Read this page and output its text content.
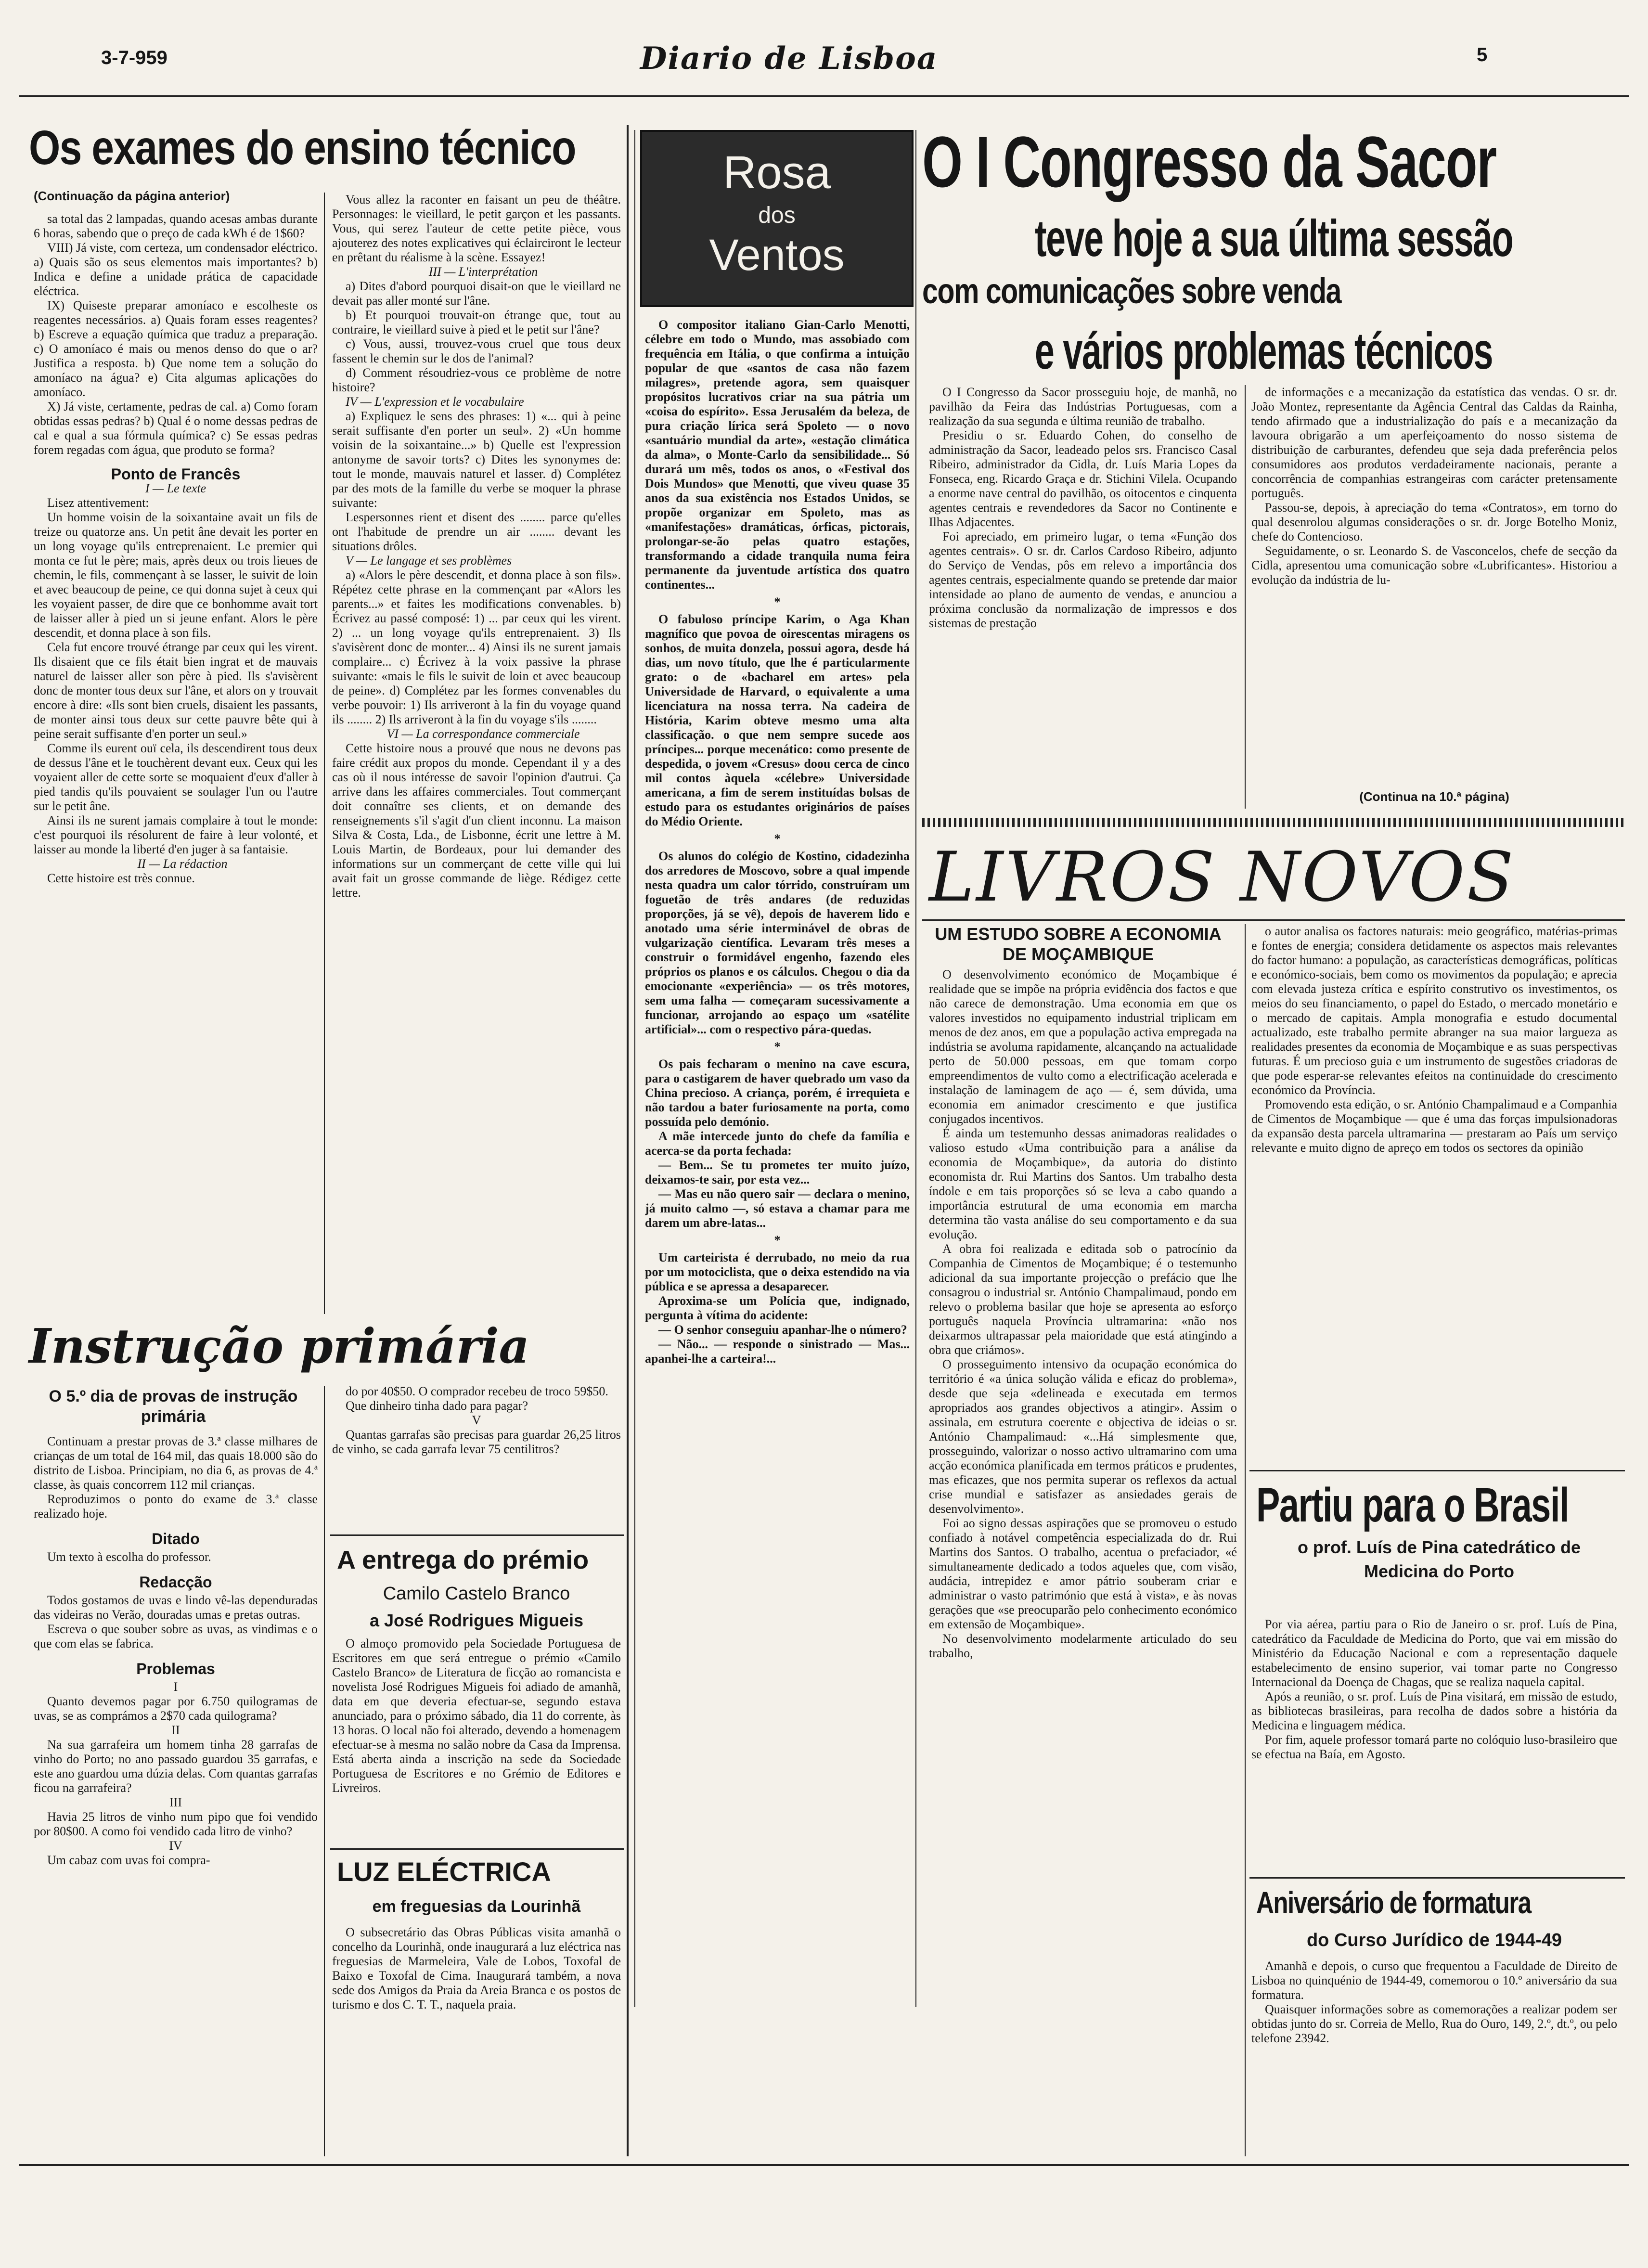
3-7-959	Diario de Lisboa	5
Os exames do ensino técnico
(Continuação da página anterior)

sa total das 2 lampadas, quando acesas ambas durante 6 horas, sabendo que o preço de cada kWh é de 1$60?

VIII) Já viste, com certeza, um condensador eléctrico. a) Quais são os seus elementos mais importantes? b) Indica e define a unidade prática de capacidade eléctrica.

IX) Quiseste preparar amoníaco e escolheste os reagentes necessários. a) Quais foram esses reagentes? b) Escreve a equação química que traduz a preparação. c) O amoníaco é mais ou menos denso do que o ar? Justifica a resposta. b) Que nome tem a solução do amoníaco na água? e) Cita algumas aplicações do amoníaco.

X) Já viste, certamente, pedras de cal. a) Como foram obtidas essas pedras? b) Qual é o nome dessas pedras de cal e qual a sua fórmula química? c) Se essas pedras forem regadas com água, que produto se forma?

Ponto de Francês
I — Le texte

Lisez attentivement:

Un homme voisin de la soixantaine avait un fils de treize ou quatorze ans. Un petit âne devait les porter en un long voyage qu'ils entreprenaient. Le premier qui monta ce fut le père; mais, après deux ou trois lieues de chemin, le fils, commençant à se lasser, le suivit de loin et avec beaucoup de peine, ce qui donna sujet à ceux qui les voyaient passer, de dire que ce bonhomme avait tort de laisser aller à pied un si jeune enfant. Alors le père descendit, et donna place à son fils.

Cela fut encore trouvé étrange par ceux qui les virent. Ils disaient que ce fils était bien ingrat et de mauvais naturel de laisser aller son père à pied. Ils s'avisèrent donc de monter tous deux sur l'âne, et alors on y trouvait encore à dire: «Ils sont bien cruels, disaient les passants, de monter ainsi tous deux sur cette pauvre bête qui à peine serait suffisante d'en porter un seul.»

Comme ils eurent ouï cela, ils descendirent tous deux de dessus l'âne et le touchèrent devant eux. Ceux qui les voyaient aller de cette sorte se moquaient d'eux d'aller à pied tandis qu'ils pouvaient se soulager l'un ou l'autre sur le petit âne.

Ainsi ils ne surent jamais complaire à tout le monde: c'est pourquoi ils résolurent de faire à leur volonté, et laisser au monde la liberté d'en juger à sa fantaisie.

II — La rédaction

Cette histoire est très connue.

Vous allez la raconter en faisant un peu de théâtre. Personnages: le vieillard, le petit garçon et les passants. Vous, qui serez l'auteur de cette petite pièce, vous ajouterez des notes explicatives qui éclairciront le lecteur en prêtant du réalisme à la scène. Essayez!

III — L'interprétation

a) Dites d'abord pourquoi disait-on que le vieillard ne devait pas aller monté sur l'âne.

b) Et pourquoi trouvait-on étrange que, tout au contraire, le vieillard suive à pied et le petit sur l'âne?

c) Vous, aussi, trouvez-vous cruel que tous deux fassent le chemin sur le dos de l'animal?

d) Comment résoudriez-vous ce problème de notre histoire?

IV — L'expression et le vocabulaire

a) Expliquez le sens des phrases: 1) «... qui à peine serait suffisante d'en porter un seul». 2) «Un homme voisin de la soixantaine...» b) Quelle est l'expression antonyme de savoir torts? c) Dites les synonymes de: tout le monde, mauvais naturel et lasser. d) Complétez par des mots de la famille du verbe se moquer la phrase suivante:

Lespersonnes rient et disent des ........ parce qu'elles ont l'habitude de prendre un air ........ devant les situations drôles.

V — Le langage et ses problèmes

a) «Alors le père descendit, et donna place à son fils». Répétez cette phrase en la commençant par «Alors les parents...» et faites les modifications convenables. b) Écrivez au passé composé: 1) ... par ceux qui les virent. 2) ... un long voyage qu'ils entreprenaient. 3) Ils s'avisèrent donc de monter... 4) Ainsi ils ne surent jamais complaire... c) Écrivez à la voix passive la phrase suivante: «mais le fils le suivit de loin et avec beaucoup de peine». d) Complétez par les formes convenables du verbe pouvoir: 1) Ils arriveront à la fin du voyage quand ils ........ 2) Ils arriveront à la fin du voyage s'ils ........

VI — La correspondance commerciale

Cette histoire nous a prouvé que nous ne devons pas faire crédit aux propos du monde. Cependant il y a des cas où il nous intéresse de savoir l'opinion d'autrui. Ça arrive dans les affaires commerciales. Tout commerçant doit connaître ses clients, et on demande des renseignements s'il s'agit d'un client inconnu. La maison Silva & Costa, Lda., de Lisbonne, écrit une lettre à M. Louis Martin, de Bordeaux, pour lui demander des informations sur un commerçant de cette ville qui lui avait fait un grosse commande de liège. Rédigez cette lettre.

Instrução primária
O 5.º dia de provas de instrução primária

Continuam a prestar provas de 3.ª classe milhares de crianças de um total de 164 mil, das quais 18.000 são do distrito de Lisboa. Principiam, no dia 6, as provas de 4.ª classe, às quais concorrem 112 mil crianças.

Reproduzimos o ponto do exame de 3.ª classe realizado hoje.

Ditado

Um texto à escolha do professor.

Redacção

Todos gostamos de uvas e lindo vê-las dependuradas das videiras no Verão, douradas umas e pretas outras.

Escreva o que souber sobre as uvas, as vindimas e o que com elas se fabrica.

Problemas

I

Quanto devemos pagar por 6.750 quilogramas de uvas, se as comprámos a 2$70 cada quilograma?

II

Na sua garrafeira um homem tinha 28 garrafas de vinho do Porto; no ano passado guardou 35 garrafas, e este ano guardou uma dúzia delas. Com quantas garrafas ficou na garrafeira?

III

Havia 25 litros de vinho num pipo que foi vendido por 80$00. A como foi vendido cada litro de vinho?

IV

Um cabaz com uvas foi compra-

do por 40$50. O comprador recebeu de troco 59$50.

Que dinheiro tinha dado para pagar?

V

Quantas garrafas são precisas para guardar 26,25 litros de vinho, se cada garrafa levar 75 centilitros?

A entrega do prémio
Camilo Castelo Branco
a José Rodrigues Migueis

O almoço promovido pela Sociedade Portuguesa de Escritores em que será entregue o prémio «Camilo Castelo Branco» de Literatura de ficção ao romancista e novelista José Rodrigues Migueis foi adiado de amanhã, data em que deveria efectuar-se, segundo estava anunciado, para o próximo sábado, dia 11 do corrente, às 13 horas. O local não foi alterado, devendo a homenagem efectuar-se à mesma no salão nobre da Casa da Imprensa. Está aberta ainda a inscrição na sede da Sociedade Portuguesa de Escritores e no Grémio de Editores e Livreiros.

LUZ ELÉCTRICA
em freguesias da Lourinhã

O subsecretário das Obras Públicas visita amanhã o concelho da Lourinhã, onde inaugurará a luz eléctrica nas freguesias de Marmeleira, Vale de Lobos, Toxofal de Baixo e Toxofal de Cima. Inaugurará também, a nova sede dos Amigos da Praia da Areia Branca e os postos de turismo e dos C. T. T., naquela praia.

Rosa
dos
Ventos

O compositor italiano Gian-Carlo Menotti, célebre em todo o Mundo, mas assobiado com frequência em Itália, o que confirma a intuição popular de que «santos de casa não fazem milagres», pretende agora, sem quaisquer propósitos lucrativos criar na sua pátria um «coisa do espírito». Essa Jerusalém da beleza, de pura criação lírica será Spoleto — o novo «santuário mundial da arte», «estação climática da alma», o Monte-Carlo da sensibilidade... Só durará um mês, todos os anos, o «Festival dos Dois Mundos» que Menotti, que viveu quase 35 anos da sua existência nos Estados Unidos, se propõe organizar em Spoleto, mas as «manifestações» dramáticas, órficas, pictorais, prolongar-se-ão pelas quatro estações, transformando a cidade tranquila numa feira permanente da juventude artística dos quatro continentes...

*

O fabuloso príncipe Karim, o Aga Khan magnífico que povoa de oirescentas miragens os sonhos, de muita donzela, possui agora, desde há dias, um novo título, que lhe é particularmente grato: o de «bacharel em artes» pela Universidade de Harvard, o equivalente a uma licenciatura na nossa terra. Na cadeira de História, Karim obteve mesmo uma alta classificação. o que nem sempre sucede aos príncipes... porque mecenático: como presente de despedida, o jovem «Cresus» doou cerca de cinco mil contos àquela «célebre» Universidade americana, a fim de serem instituídas bolsas de estudo para os estudantes originários de países do Médio Oriente.

*

Os alunos do colégio de Kostino, cidadezinha dos arredores de Moscovo, sobre a qual impende nesta quadra um calor tórrido, construíram um foguetão de três andares (de reduzidas proporções, já se vê), depois de haverem lido e anotado uma série interminável de obras de vulgarização científica. Levaram três meses a construir o formidável engenho, fazendo eles próprios os planos e os cálculos. Chegou o dia da emocionante «experiência» — os três motores, sem uma falha — começaram sucessivamente a funcionar, arrojando ao espaço um «satélite artificial»... com o respectivo pára-quedas.

*

Os pais fecharam o menino na cave escura, para o castigarem de haver quebrado um vaso da China precioso. A criança, porém, é irrequieta e não tardou a bater furiosamente na porta, como possuída pelo demónio.

A mãe intercede junto do chefe da família e acerca-se da porta fechada:

— Bem... Se tu prometes ter muito juízo, deixamos-te sair, por esta vez...

— Mas eu não quero sair — declara o menino, já muito calmo —, só estava a chamar para me darem um abre-latas...

*

Um carteirista é derrubado, no meio da rua por um motociclista, que o deixa estendido na via pública e se apressa a desaparecer.

Aproxima-se um Polícia que, indignado, pergunta à vítima do acidente:

— O senhor conseguiu apanhar-lhe o número?

— Não... — responde o sinistrado — Mas... apanhei-lhe a carteira!...

O I Congresso da Sacor
teve hoje a sua última sessão
com comunicações sobre venda
e vários problemas técnicos

O I Congresso da Sacor prosseguiu hoje, de manhã, no pavilhão da Feira das Indústrias Portuguesas, com a realização da sua segunda e última reunião de trabalho.

Presidiu o sr. Eduardo Cohen, do conselho de administração da Sacor, leadeado pelos srs. Francisco Casal Ribeiro, administrador da Cidla, dr. Luís Maria Lopes da Fonseca, eng. Ricardo Graça e dr. Stichini Vilela. Ocupando a enorme nave central do pavilhão, os oitocentos e cinquenta agentes centrais e revendedores da Sacor no Continente e Ilhas Adjacentes.

Foi apreciado, em primeiro lugar, o tema «Função dos agentes centrais». O sr. dr. Carlos Cardoso Ribeiro, adjunto do Serviço de Vendas, pôs em relevo a importância dos agentes centrais, especialmente quando se pretende dar maior intensidade ao plano de aumento de vendas, e anunciou a próxima conclusão da normalização de impressos e dos sistemas de prestação

de informações e a mecanização da estatística das vendas. O sr. dr. João Montez, representante da Agência Central das Caldas da Rainha, tendo afirmado que a industrialização do país e a mecanização da lavoura obrigarão a um aperfeiçoamento do nosso sistema de distribuição de carburantes, defendeu que seja dada preferência pelos consumidores aos produtos verdadeiramente nacionais, perante a concorrência de companhias estrangeiras com carácter pretensamente português.

Passou-se, depois, à apreciação do tema «Contratos», em torno do qual desenrolou algumas considerações o sr. dr. Jorge Botelho Moniz, chefe do Contencioso.

Seguidamente, o sr. Leonardo S. de Vasconcelos, chefe de secção da Cidla, apresentou uma comunicação sobre «Lubrificantes». Historiou a evolução da indústria de lu-

(Continua na 10.ª página)
LIVROS NOVOS
UM ESTUDO SOBRE A ECONOMIA DE MOÇAMBIQUE

O desenvolvimento económico de Moçambique é realidade que se impõe na própria evidência dos factos e que não carece de demonstração. Uma economia em que os valores investidos no equipamento industrial triplicam em menos de dez anos, em que a população activa empregada na indústria se avoluma rapidamente, alcançando na actualidade perto de 50.000 pessoas, em que tomam corpo empreendimentos de vulto como a electrificação acelerada e instalação de laminagem de aço — é, sem dúvida, uma economia em animador crescimento e que justifica conjugados incentivos.

É ainda um testemunho dessas animadoras realidades o valioso estudo «Uma contribuição para a análise da economia de Moçambique», da autoria do distinto economista dr. Rui Martins dos Santos. Um trabalho desta índole e em tais proporções só se leva a cabo quando a importância estrutural de uma economia em marcha determina tão vasta análise do seu comportamento e da sua evolução.

A obra foi realizada e editada sob o patrocínio da Companhia de Cimentos de Moçambique; é o testemunho adicional da sua importante projecção o prefácio que lhe consagrou o industrial sr. António Champalimaud, pondo em relevo o problema basilar que hoje se apresenta ao esforço português naquela Província ultramarina: «não nos deixarmos ultrapassar pela maioridade que está atingindo a obra que criámos».

O prosseguimento intensivo da ocupação económica do território é «a única solução válida e eficaz do problema», desde que seja «delineada e executada em termos apropriados aos grandes objectivos a atingir». Assim o assinala, em estrutura coerente e objectiva de ideias o sr. António Champalimaud: «...Há simplesmente que, prosseguindo, valorizar o nosso activo ultramarino com uma acção económica planificada em termos práticos e prudentes, mas eficazes, que nos permita superar os reflexos da actual crise mundial e satisfazer as ansiedades gerais de desenvolvimento».

Foi ao signo dessas aspirações que se promoveu o estudo confiado à notável competência especializada do dr. Rui Martins dos Santos. O trabalho, acentua o prefaciador, «é simultaneamente dedicado a todos aqueles que, com visão, audácia, intrepidez e amor pátrio souberam criar e administrar o vasto património que está à vista», e às novas gerações que «se preocuparão pelo conhecimento económico em extensão de Moçambique».

No desenvolvimento modelarmente articulado do seu trabalho,

o autor analisa os factores naturais: meio geográfico, matérias-primas e fontes de energia; considera detidamente os aspectos mais relevantes do factor humano: a população, as características demográficas, políticas e económico-sociais, bem como os movimentos da população; e aprecia com elevada justeza crítica e espírito construtivo os investimentos, os meios do seu financiamento, o papel do Estado, o mercado monetário e o mercado de capitais. Ampla monografia e estudo documental actualizado, este trabalho permite abranger na sua maior largueza as realidades presentes da economia de Moçambique e as suas perspectivas futuras. É um precioso guia e um instrumento de sugestões criadoras de que pode esperar-se relevantes efeitos na continuidade do crescimento económico da Província.

Promovendo esta edição, o sr. António Champalimaud e a Companhia de Cimentos de Moçambique — que é uma das forças impulsionadoras da expansão desta parcela ultramarina — prestaram ao País um serviço relevante e muito digno de apreço em todos os sectores da opinião

Partiu para o Brasil
o prof. Luís de Pina catedrático de Medicina do Porto

Por via aérea, partiu para o Rio de Janeiro o sr. prof. Luís de Pina, catedrático da Faculdade de Medicina do Porto, que vai em missão do Ministério da Educação Nacional e com a representação daquele estabelecimento de ensino superior, vai tomar parte no Congresso Internacional da Doença de Chagas, que se realiza naquela capital.

Após a reunião, o sr. prof. Luís de Pina visitará, em missão de estudo, as bibliotecas brasileiras, para recolha de dados sobre a história da Medicina e linguagem médica.

Por fim, aquele professor tomará parte no colóquio luso-brasileiro que se efectua na Baía, em Agosto.

Aniversário de formatura
do Curso Jurídico de 1944-49

Amanhã e depois, o curso que frequentou a Faculdade de Direito de Lisboa no quinquénio de 1944-49, comemorou o 10.º aniversário da sua formatura.

Quaisquer informações sobre as comemorações a realizar podem ser obtidas junto do sr. Correia de Mello, Rua do Ouro, 149, 2.º, dt.º, ou pelo telefone 23942.
